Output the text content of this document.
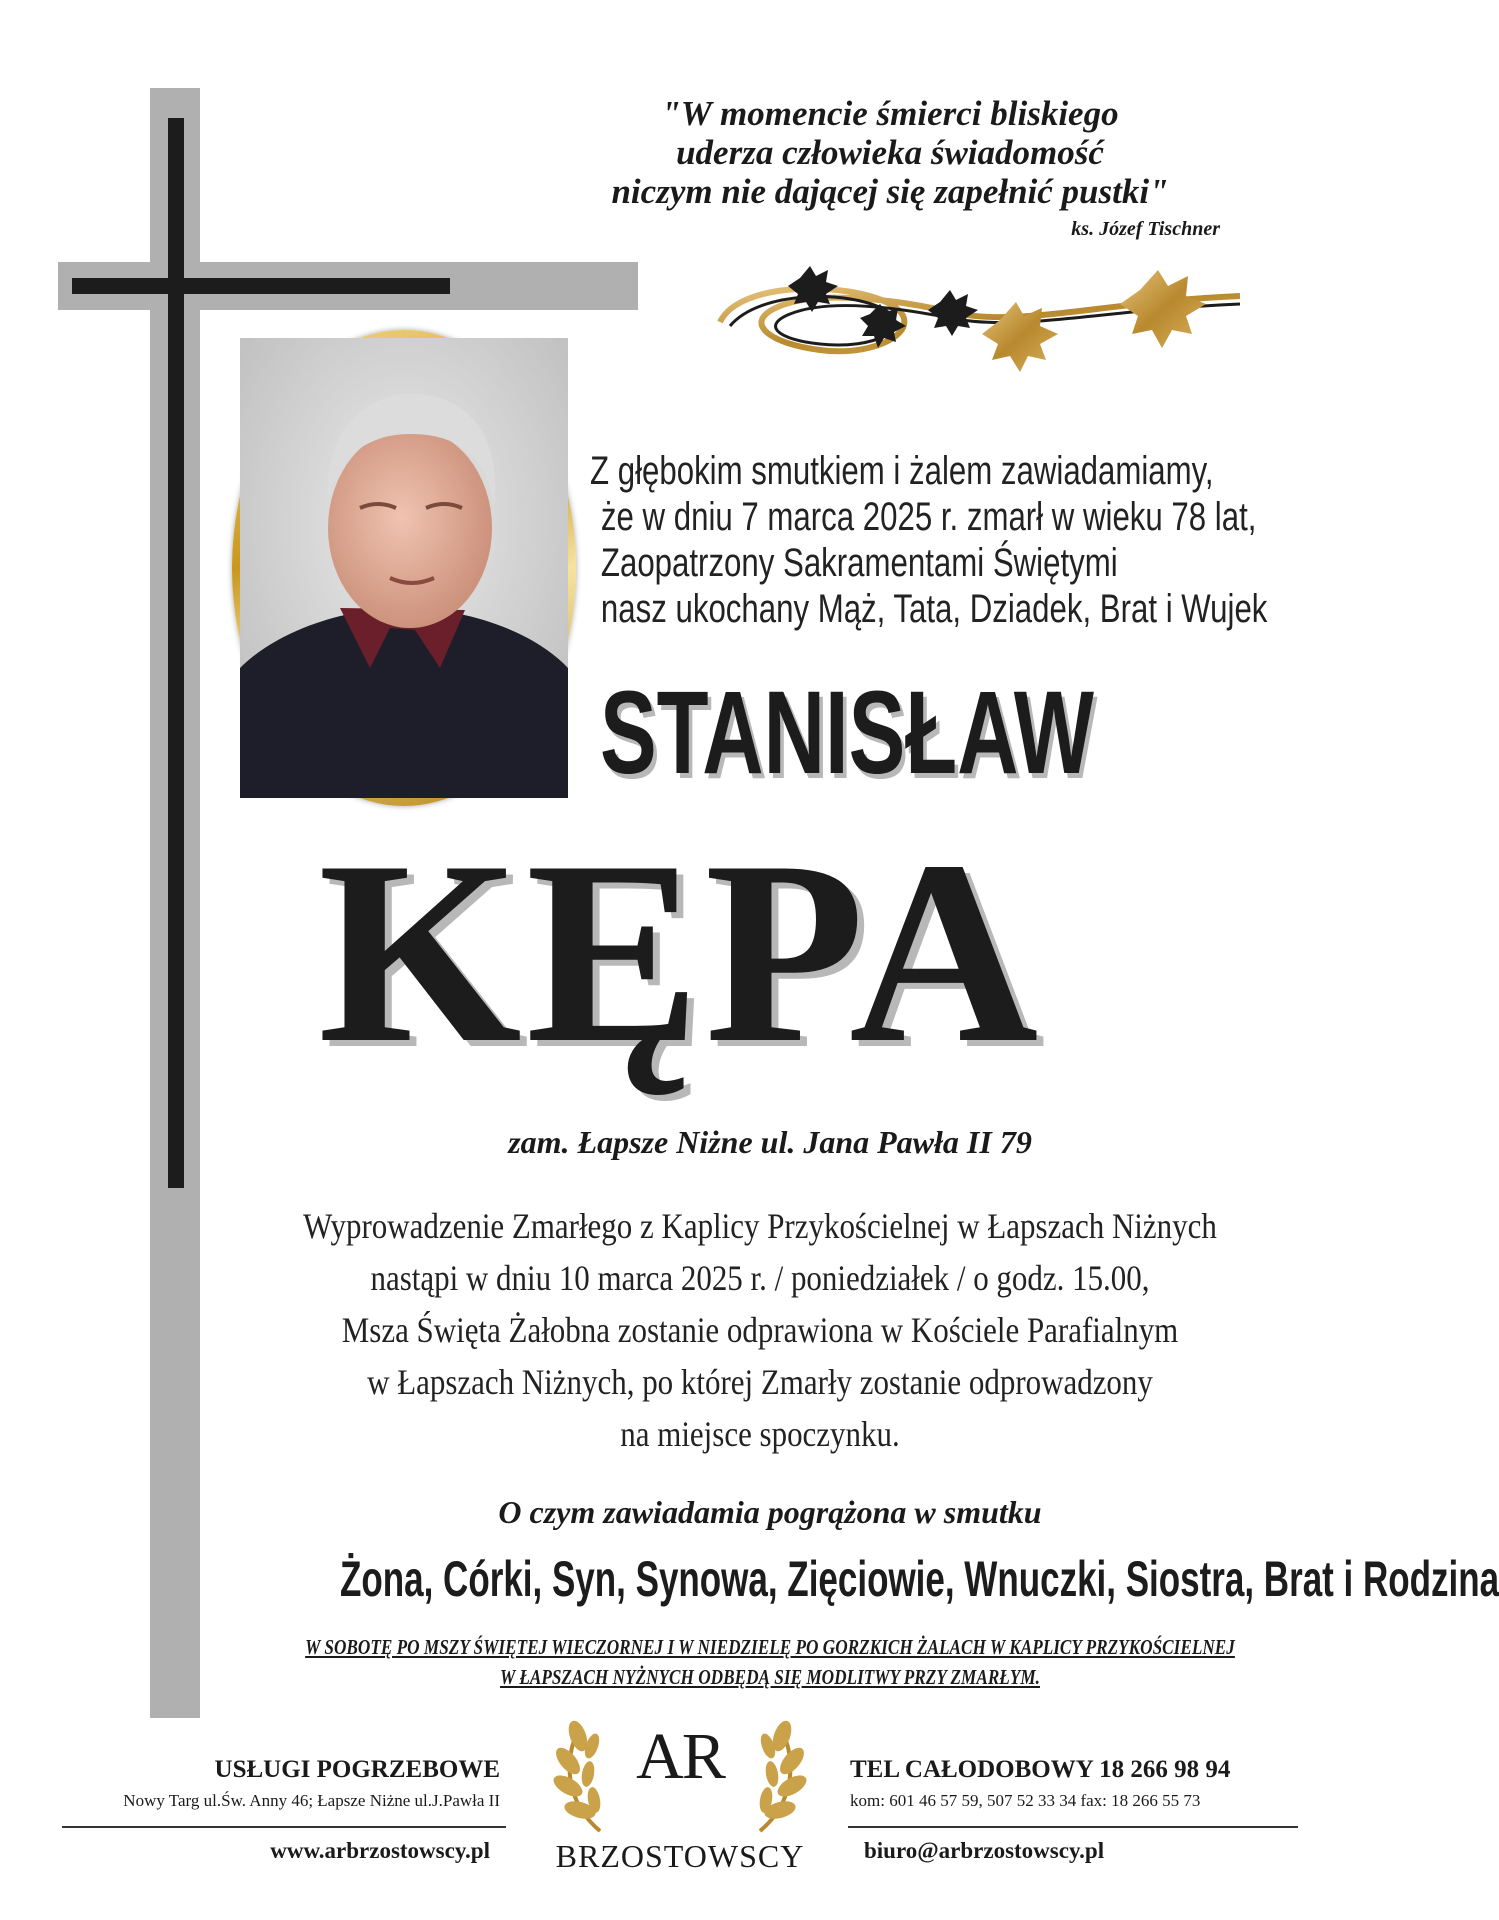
"W momencie śmierci bliskiego
uderza człowieka świadomość
niczym nie dającej się zapełnić pustki"
ks. Józef Tischner
Z głębokim smutkiem i żalem zawiadamiamy,
że w dniu 7 marca 2025 r. zmarł w wieku 78 lat,
Zaopatrzony Sakramentami Świętymi
nasz ukochany Mąż, Tata, Dziadek, Brat i Wujek
STANISŁAW
KĘPA
zam. Łapsze Niżne ul. Jana Pawła II 79
Wyprowadzenie Zmarłego z Kaplicy Przykościelnej w Łapszach Niżnych
nastąpi w dniu 10 marca 2025 r. / poniedziałek / o godz. 15.00,
Msza Święta Żałobna zostanie odprawiona w Kościele Parafialnym
w Łapszach Niżnych, po której Zmarły zostanie odprowadzony
na miejsce spoczynku.
O czym zawiadamia pogrążona w smutku
Żona, Córki, Syn, Synowa, Zięciowie, Wnuczki, Siostra, Brat i Rodzina
W SOBOTĘ PO MSZY ŚWIĘTEJ WIECZORNEJ I W NIEDZIELĘ PO GORZKICH ŻALACH W KAPLICY PRZYKOŚCIELNEJ
W ŁAPSZACH NYŻNYCH ODBĘDĄ SIĘ MODLITWY PRZY ZMARŁYM.
USŁUGI POGRZEBOWE
Nowy Targ ul.Św. Anny 46; Łapsze Niżne ul.J.Pawła II
www.arbrzostowscy.pl
AR
BRZOSTOWSCY
TEL CAŁODOBOWY 18 266 98 94
kom: 601 46 57 59, 507 52 33 34 fax: 18 266 55 73
biuro@arbrzostowscy.pl
